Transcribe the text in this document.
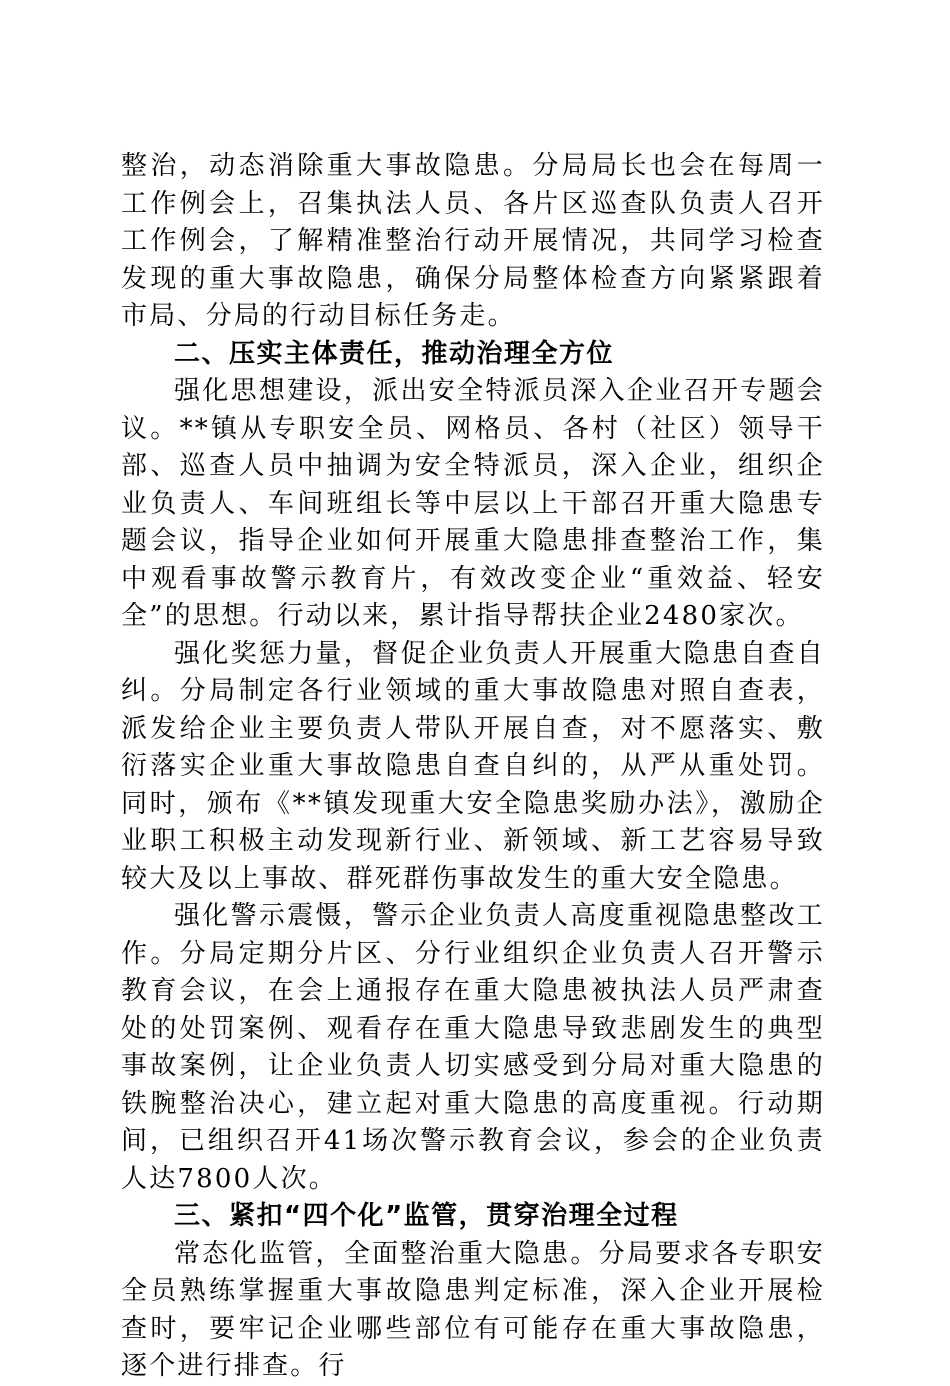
整治，动态消除重大事故隐患。分局局长也会在每周一工作例会上，召集执法人员、各片区巡查队负责人召开工作例会，了解精准整治行动开展情况，共同学习检查发现的重大事故隐患，确保分局整体检查方向紧紧跟着市局、分局的行动目标任务走。

二、压实主体责任，推动治理全方位

强化思想建设，派出安全特派员深入企业召开专题会议。**镇从专职安全员、网格员、各村（社区）领导干部、巡查人员中抽调为安全特派员，深入企业，组织企业负责人、车间班组长等中层以上干部召开重大隐患专题会议，指导企业如何开展重大隐患排查整治工作，集中观看事故警示教育片，有效改变企业“重效益、轻安全”的思想。行动以来，累计指导帮扶企业2480家次。

强化奖惩力量，督促企业负责人开展重大隐患自查自纠。分局制定各行业领域的重大事故隐患对照自查表，派发给企业主要负责人带队开展自查，对不愿落实、敷衍落实企业重大事故隐患自查自纠的，从严从重处罚。同时，颁布《**镇发现重大安全隐患奖励办法》，激励企业职工积极主动发现新行业、新领域、新工艺容易导致较大及以上事故、群死群伤事故发生的重大安全隐患。

强化警示震慑，警示企业负责人高度重视隐患整改工作。分局定期分片区、分行业组织企业负责人召开警示教育会议，在会上通报存在重大隐患被执法人员严肃查处的处罚案例、观看存在重大隐患导致悲剧发生的典型事故案例，让企业负责人切实感受到分局对重大隐患的铁腕整治决心，建立起对重大隐患的高度重视。行动期间，已组织召开41场次警示教育会议，参会的企业负责人达7800人次。

三、紧扣“四个化”监管，贯穿治理全过程

常态化监管，全面整治重大隐患。分局要求各专职安全员熟练掌握重大事故隐患判定标准，深入企业开展检查时，要牢记企业哪些部位有可能存在重大事故隐患，逐个进行排查。行
